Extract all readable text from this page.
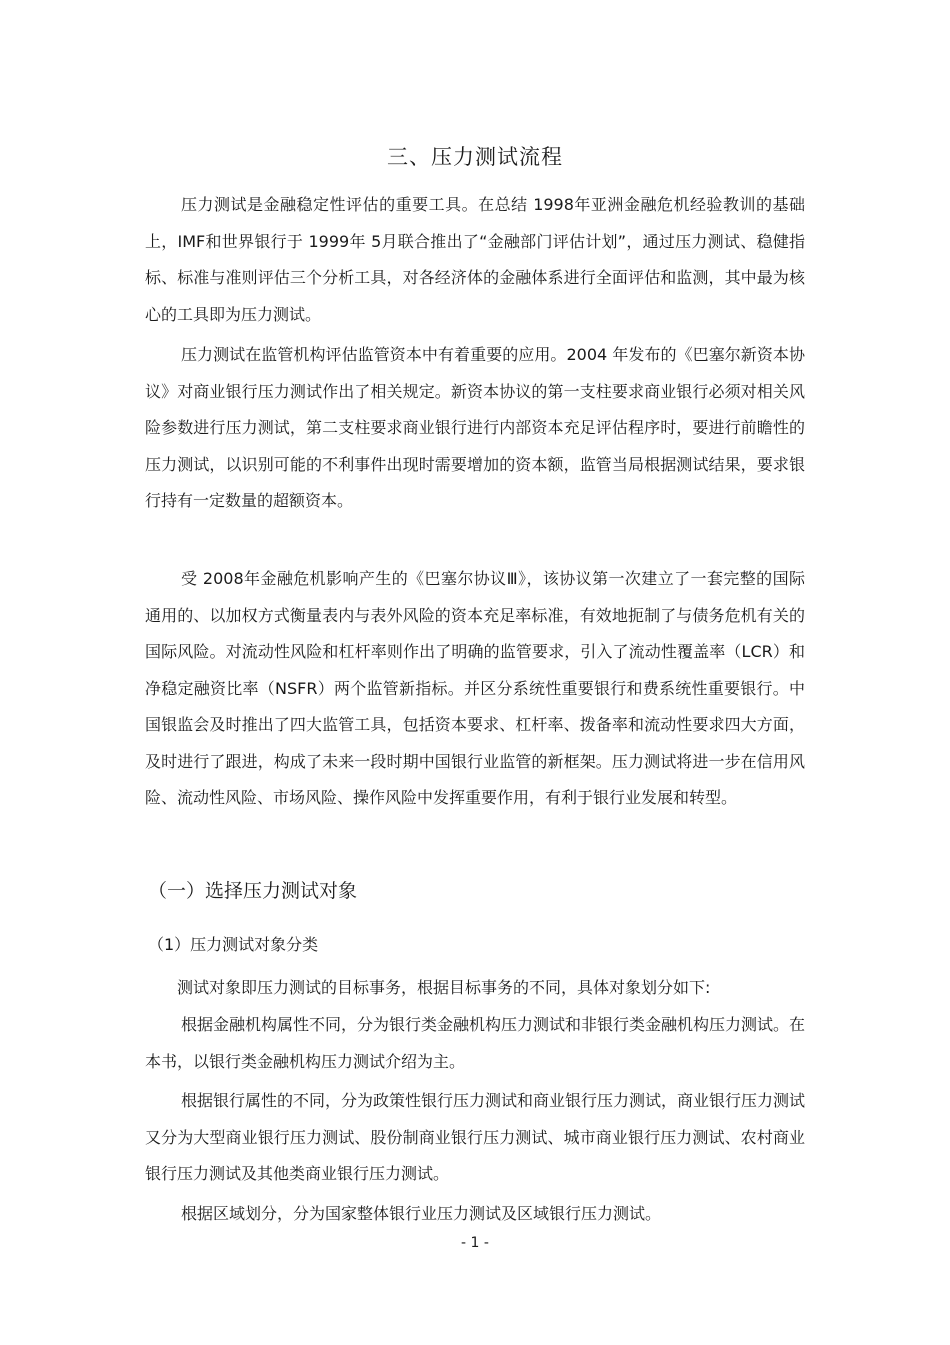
三、压力测试流程

压力测试是金融稳定性评估的重要工具。在总结 1998年亚洲金融危机经验教训的基础上，IMF和世界银行于 1999年 5月联合推出了“金融部门评估计划”，通过压力测试、稳健指标、标准与准则评估三个分析工具，对各经济体的金融体系进行全面评估和监测，其中最为核心的工具即为压力测试。

压力测试在监管机构评估监管资本中有着重要的应用。2004 年发布的《巴塞尔新资本协议》对商业银行压力测试作出了相关规定。新资本协议的第一支柱要求商业银行必须对相关风险参数进行压力测试，第二支柱要求商业银行进行内部资本充足评估程序时，要进行前瞻性的压力测试，以识别可能的不利事件出现时需要增加的资本额，监管当局根据测试结果，要求银行持有一定数量的超额资本。

受 2008年金融危机影响产生的《巴塞尔协议Ⅲ》，该协议第一次建立了一套完整的国际通用的、以加权方式衡量表内与表外风险的资本充足率标准，有效地扼制了与债务危机有关的国际风险。对流动性风险和杠杆率则作出了明确的监管要求，引入了流动性覆盖率（LCR）和净稳定融资比率（NSFR）两个监管新指标。并区分系统性重要银行和费系统性重要银行。中国银监会及时推出了四大监管工具，包括资本要求、杠杆率、拨备率和流动性要求四大方面，及时进行了跟进，构成了未来一段时期中国银行业监管的新框架。压力测试将进一步在信用风险、流动性风险、市场风险、操作风险中发挥重要作用，有利于银行业发展和转型。

（一）选择压力测试对象
（1）压力测试对象分类

测试对象即压力测试的目标事务，根据目标事务的不同，具体对象划分如下:

根据金融机构属性不同，分为银行类金融机构压力测试和非银行类金融机构压力测试。在本书，以银行类金融机构压力测试介绍为主。

根据银行属性的不同，分为政策性银行压力测试和商业银行压力测试，商业银行压力测试又分为大型商业银行压力测试、股份制商业银行压力测试、城市商业银行压力测试、农村商业银行压力测试及其他类商业银行压力测试。

根据区域划分，分为国家整体银行业压力测试及区域银行压力测试。

- 1 -
